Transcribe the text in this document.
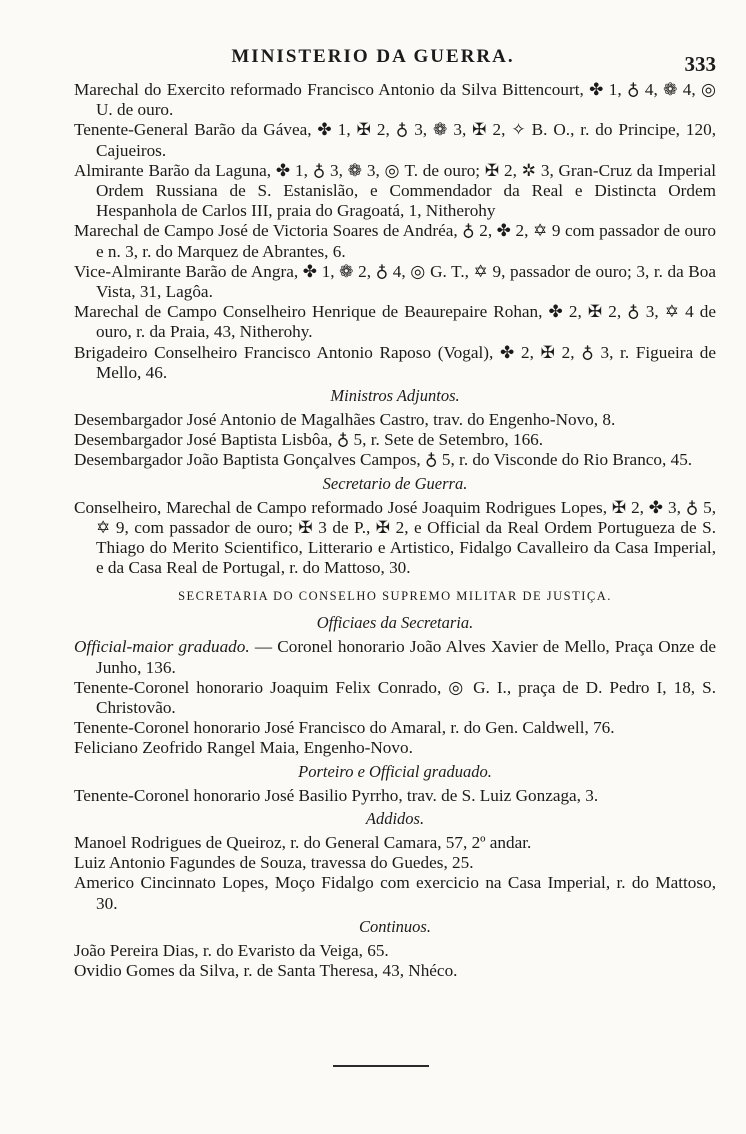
MINISTERIO DA GUERRA.	333

Marechal do Exercito reformado Francisco Antonio da Silva Bittencourt, ✤ 1, ♁ 4, ❁ 4, ◎ U. de ouro.

Tenente-General Barão da Gávea, ✤ 1, ✠ 2, ♁ 3, ❁ 3, ✠ 2, ✧ B. O., r. do Principe, 120, Cajueiros.

Almirante Barão da Laguna, ✤ 1, ♁ 3, ❁ 3, ◎ T. de ouro; ✠ 2, ✲ 3, Gran-Cruz da Imperial Ordem Russiana de S. Estanislão, e Commendador da Real e Distincta Ordem Hespanhola de Carlos III, praia do Gragoatá, 1, Nitherohy

Marechal de Campo José de Victoria Soares de Andréa, ♁ 2, ✤ 2, ✡ 9 com passador de ouro e n. 3, r. do Marquez de Abrantes, 6.

Vice-Almirante Barão de Angra, ✤ 1, ❁ 2, ♁ 4, ◎ G. T., ✡ 9, passador de ouro; 3, r. da Boa Vista, 31, Lagôa.

Marechal de Campo Conselheiro Henrique de Beaurepaire Rohan, ✤ 2, ✠ 2, ♁ 3, ✡ 4 de ouro, r. da Praia, 43, Nitherohy.

Brigadeiro Conselheiro Francisco Antonio Raposo (Vogal), ✤ 2, ✠ 2, ♁ 3, r. Figueira de Mello, 46.

Ministros Adjuntos.

Desembargador José Antonio de Magalhães Castro, trav. do Engenho-Novo, 8.

Desembargador José Baptista Lisbôa, ♁ 5, r. Sete de Setembro, 166.

Desembargador João Baptista Gonçalves Campos, ♁ 5, r. do Visconde do Rio Branco, 45.

Secretario de Guerra.

Conselheiro, Marechal de Campo reformado José Joaquim Rodrigues Lopes, ✠ 2, ✤ 3, ♁ 5, ✡ 9, com passador de ouro; ✠ 3 de P., ✠ 2, e Official da Real Ordem Portugueza de S. Thiago do Merito Scientifico, Litterario e Artistico, Fidalgo Cavalleiro da Casa Imperial, e da Casa Real de Portugal, r. do Mattoso, 30.

SECRETARIA DO CONSELHO SUPREMO MILITAR DE JUSTIÇA.
Officiaes da Secretaria.

Official-maior graduado. — Coronel honorario João Alves Xavier de Mello, Praça Onze de Junho, 136.

Tenente-Coronel honorario Joaquim Felix Conrado, ◎ G. I., praça de D. Pedro I, 18, S. Christovão.

Tenente-Coronel honorario José Francisco do Amaral, r. do Gen. Caldwell, 76.

Feliciano Zeofrido Rangel Maia, Engenho-Novo.

Porteiro e Official graduado.

Tenente-Coronel honorario José Basilio Pyrrho, trav. de S. Luiz Gonzaga, 3.

Addidos.

Manoel Rodrigues de Queiroz, r. do General Camara, 57, 2º andar.

Luiz Antonio Fagundes de Souza, travessa do Guedes, 25.

Americo Cincinnato Lopes, Moço Fidalgo com exercicio na Casa Imperial, r. do Mattoso, 30.

Continuos.

João Pereira Dias, r. do Evaristo da Veiga, 65.

Ovidio Gomes da Silva, r. de Santa Theresa, 43, Nhéco.
